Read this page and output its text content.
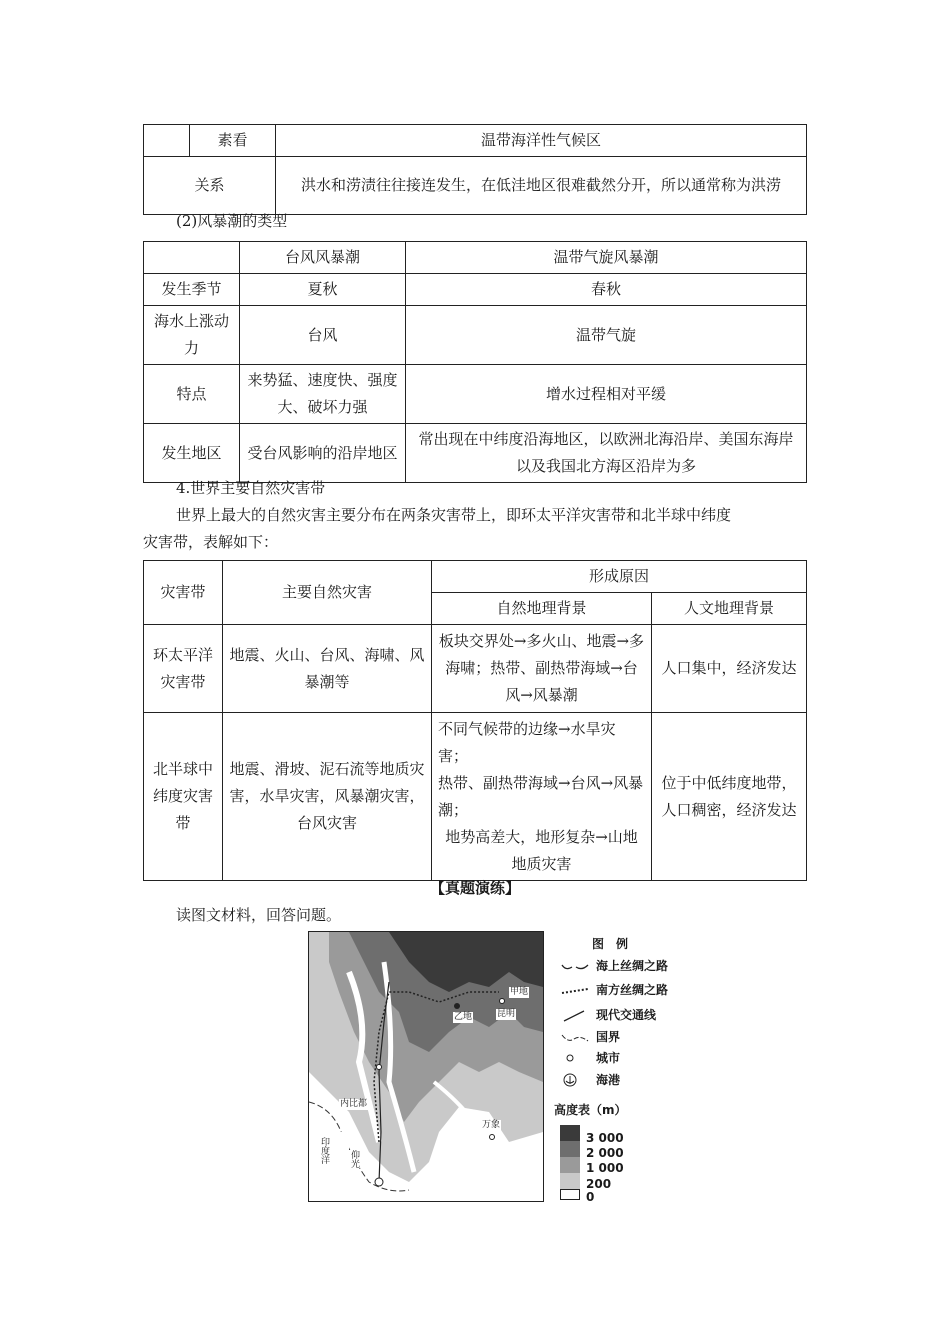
	素看	温带海洋性气候区
关系		洪水和涝渍往往接连发生，在低洼地区很难截然分开，所以通常称为洪涝
(2)风暴潮的类型
	台风风暴潮	温带气旋风暴潮
发生季节	夏秋	春秋
海水上涨动力	台风	温带气旋
特点	来势猛、速度快、强度大、破坏力强	增水过程相对平缓
发生地区	受台风影响的沿岸地区	常出现在中纬度沿海地区，以欧洲北海沿岸、美国东海岸以及我国北方海区沿岸为多
4.世界主要自然灾害带
世界上最大的自然灾害主要分布在两条灾害带上，即环太平洋灾害带和北半球中纬度
灾害带，表解如下：
灾害带	主要自然灾害	形成原因	
		自然地理背景	人文地理背景
环太平洋灾害带	地震、火山、台风、海啸、风暴潮等	板块交界处→多火山、地震→多海啸；热带、副热带海域→台风→风暴潮	人口集中，经济发达
北半球中纬度灾害带	地震、滑坡、泥石流等地质灾害，水旱灾害，风暴潮灾害，台风灾害	不同气候带的边缘→水旱灾害；
热带、副热带海域→台风→风暴潮；
地势高差大，地形复杂→山地地质灾害	位于中低纬度地带，人口稠密，经济发达
【真题演练】
读图文材料，回答问题。
甲地
昆明
乙地
内比都
万象
仰光
印度洋
图　例
海上丝绸之路
南方丝绸之路
现代交通线
国界
城市
海港
高度表（m）
3 000
2 000
1 000
200
0
